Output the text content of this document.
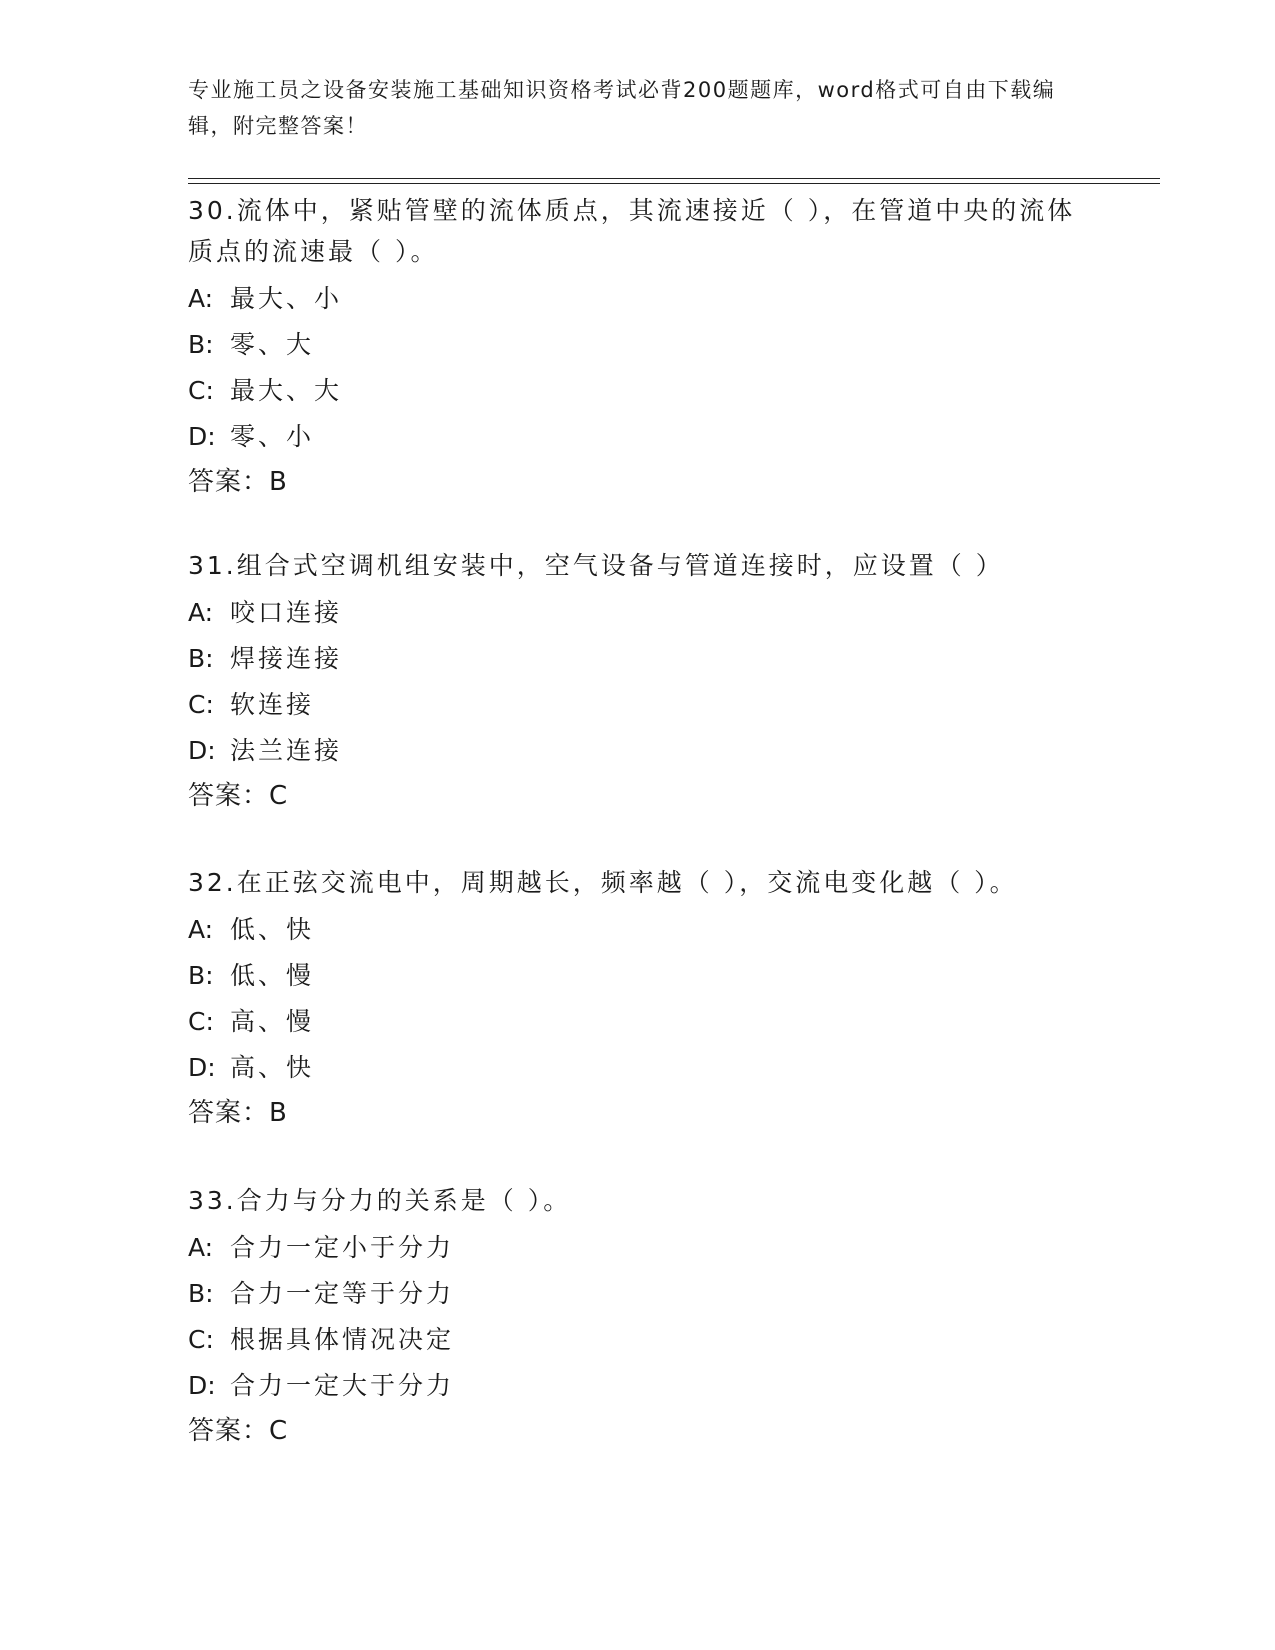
专业施工员之设备安装施工基础知识资格考试必背200题题库，word格式可自由下载编辑，附完整答案！

30.流体中，紧贴管壁的流体质点，其流速接近（ ），在管道中央的流体质点的流速最（ ）。

A: 最大、小

B: 零、大

C: 最大、大

D: 零、小

答案：B

31.组合式空调机组安装中，空气设备与管道连接时，应设置（ ）

A: 咬口连接

B: 焊接连接

C: 软连接

D: 法兰连接

答案：C

32.在正弦交流电中，周期越长，频率越（ ），交流电变化越（ ）。

A: 低、快

B: 低、慢

C: 高、慢

D: 高、快

答案：B

33.合力与分力的关系是（ ）。

A: 合力一定小于分力

B: 合力一定等于分力

C: 根据具体情况决定

D: 合力一定大于分力

答案：C
